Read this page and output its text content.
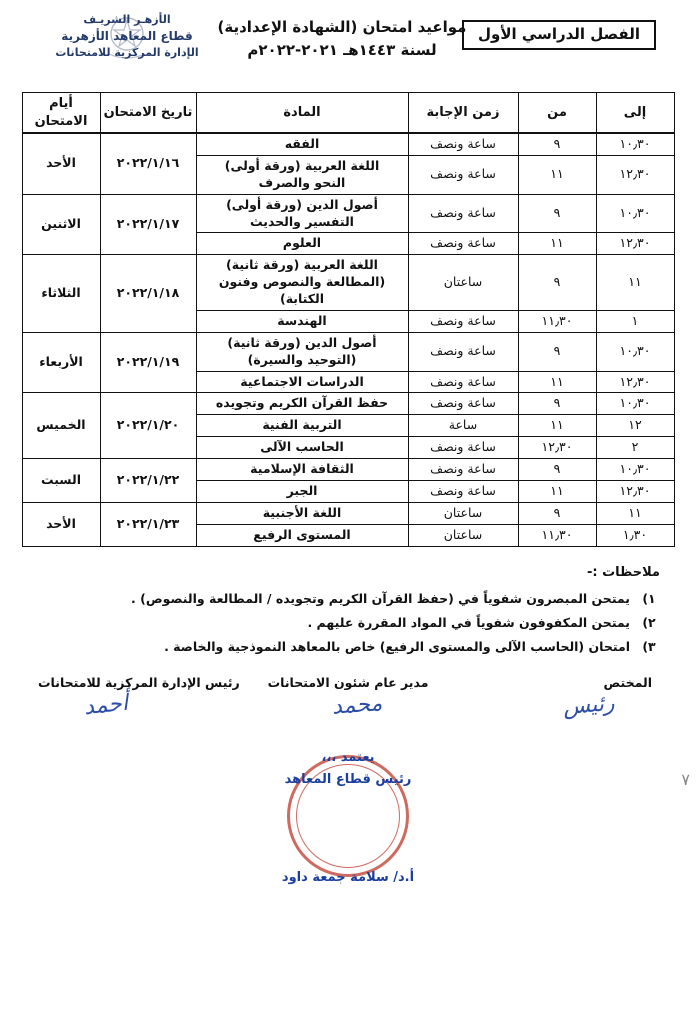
الفصل الدراسي الأول
مواعيد امتحان (الشهادة الإعدادية)
لسنة ١٤٤٣هـ ٢٠٢١-٢٠٢٢م
الأزهـر الشريـف
قطاع المعاهد الأزهرية
الإدارة المركزية للامتحانات
إلى	من	زمن الإجابة	المادة	تاريخ الامتحان	أيام الامتحان
١٠٫٣٠	٩	ساعة ونصف	الفقه	٢٠٢٢/١/١٦	الأحد
١٢٫٣٠	١١	ساعة ونصف	اللغة العربية (ورقة أولى)
النحو والصرف		

١٠٫٣٠	٩	ساعة ونصف	أصول الدين (ورقة أولى)
التفسير والحديث	٢٠٢٢/١/١٧	الاثنين
١٢٫٣٠	١١	ساعة ونصف	العلوم		

١١	٩	ساعتان	اللغة العربية (ورقة ثانية)
(المطالعة والنصوص وفنون الكتابة)	٢٠٢٢/١/١٨	الثلاثاء
١	١١٫٣٠	ساعة ونصف	الهندسة		

١٠٫٣٠	٩	ساعة ونصف	أصول الدين (ورقة ثانية)
(التوحيد والسيرة)	٢٠٢٢/١/١٩	الأربعاء
١٢٫٣٠	١١	ساعة ونصف	الدراسات الاجتماعية		

١٠٫٣٠	٩	ساعة ونصف	حفظ القرآن الكريم وتجويده	٢٠٢٢/١/٢٠	الخميس
١٢	١١	ساعة	التربية الفنية		

٢	١٢٫٣٠	ساعة ونصف	الحاسب الآلى		

١٠٫٣٠	٩	ساعة ونصف	الثقافة الإسلامية	٢٠٢٢/١/٢٢	السبت
١٢٫٣٠	١١	ساعة ونصف	الجبر		

١١	٩	ساعتان	اللغة الأجنبية	٢٠٢٢/١/٢٣	الأحد
١٫٣٠	١١٫٣٠	ساعتان	المستوى الرفيع		
ملاحظات :-
١)
يمتحن المبصرون شفوياً في (حفظ القرآن الكريم وتجويده / المطالعة والنصوص) .
٢)
يمتحن المكفوفون شفوياً في المواد المقررة عليهم .
٣)
امتحان (الحاسب الآلى والمستوى الرفيع) خاص بالمعاهد النموذجية والخاصة .
رئيس الإدارة المركزية للامتحانات مدير عام شئون الامتحانات	المختص
أحمد	محمد	رئيس
يعتمد ،،،
رئيس قطاع المعاهد
أ.د/ سلامة جمعة داود
٧
